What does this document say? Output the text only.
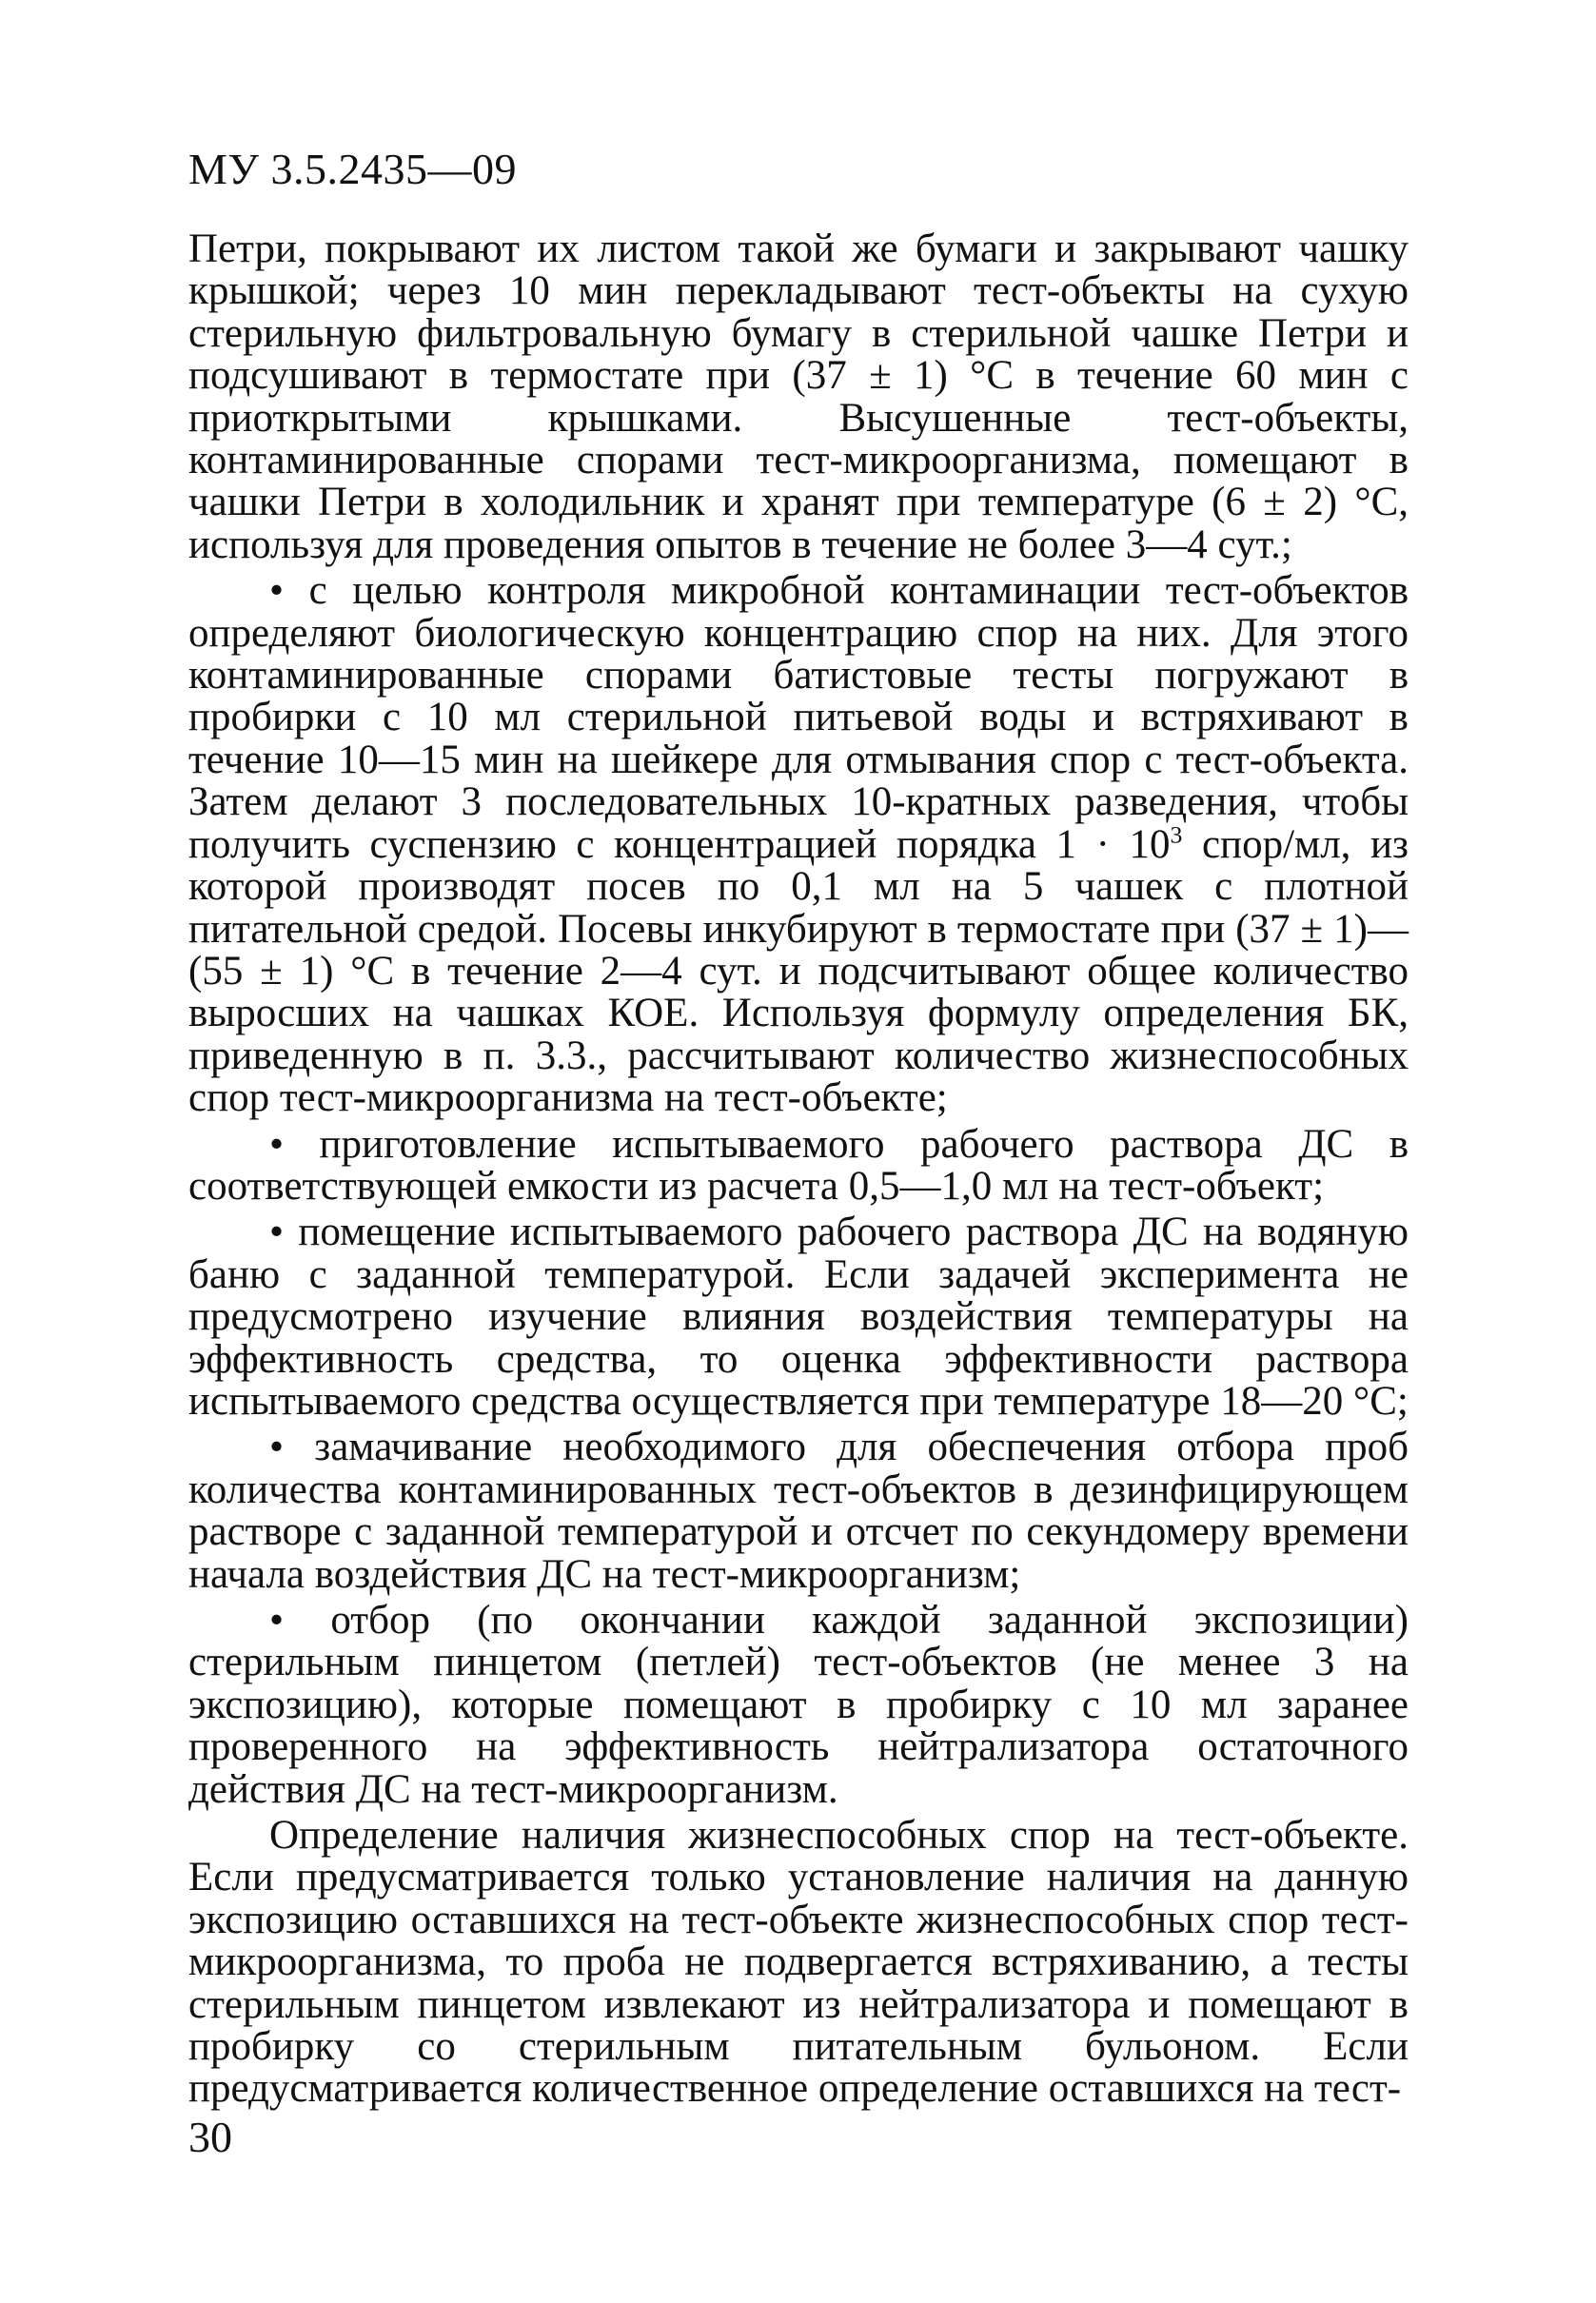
МУ 3.5.2435—09

Петри, покрывают их листом такой же бумаги и закрывают чашку крышкой; через 10 мин перекладывают тест-объекты на сухую стерильную фильтровальную бумагу в стерильной чашке Петри и подсушивают в термостате при (37 ± 1) °С в течение 60 мин с приоткрытыми крышками. Высушенные тест-объекты, контаминированные спорами тест-микроорганизма, помещают в чашки Петри в холодильник и хранят при температуре (6 ± 2) °С, используя для проведения опытов в течение не более 3—4 сут.;

• с целью контроля микробной контаминации тест-объектов определяют биологическую концентрацию спор на них. Для этого контаминированные спорами батистовые тесты погружают в пробирки с 10 мл стерильной питьевой воды и встряхивают в течение 10—15 мин на шейкере для отмывания спор с тест-объекта. Затем делают 3 последовательных 10-кратных разведения, чтобы получить суспензию с концентрацией порядка $1 \cdot 10^3$ спор/мл, из которой производят посев по 0,1 мл на 5 чашек с плотной питательной средой. Посевы инкубируют в термостате при (37 ± 1)— (55 ± 1) °С в течение 2—4 сут. и подсчитывают общее количество выросших на чашках КОЕ. Используя формулу определения БК, приведенную в п. 3.3., рассчитывают количество жизнеспособных спор тест-микроорганизма на тест-объекте;

• приготовление испытываемого рабочего раствора ДС в соответствующей емкости из расчета 0,5—1,0 мл на тест-объект;

• помещение испытываемого рабочего раствора ДС на водяную баню с заданной температурой. Если задачей эксперимента не предусмотрено изучение влияния воздействия температуры на эффективность средства, то оценка эффективности раствора испытываемого средства осуществляется при температуре 18—20 °С;

• замачивание необходимого для обеспечения отбора проб количества контаминированных тест-объектов в дезинфицирующем растворе с заданной температурой и отсчет по секундомеру времени начала воздействия ДС на тест-микроорганизм;

• отбор (по окончании каждой заданной экспозиции) стерильным пинцетом (петлей) тест-объектов (не менее 3 на экспозицию), которые помещают в пробирку с 10 мл заранее проверенного на эффективность нейтрализатора остаточного действия ДС на тест-микроорганизм.

Определение наличия жизнеспособных спор на тест-объекте. Если предусматривается только установление наличия на данную экспозицию оставшихся на тест-объекте жизнеспособных спор тест-микроорганизма, то проба не подвергается встряхиванию, а тесты стерильным пинцетом извлекают из нейтрализатора и помещают в пробирку со стерильным питательным бульоном. Если предусматривается количественное определение оставшихся на тест-

30
